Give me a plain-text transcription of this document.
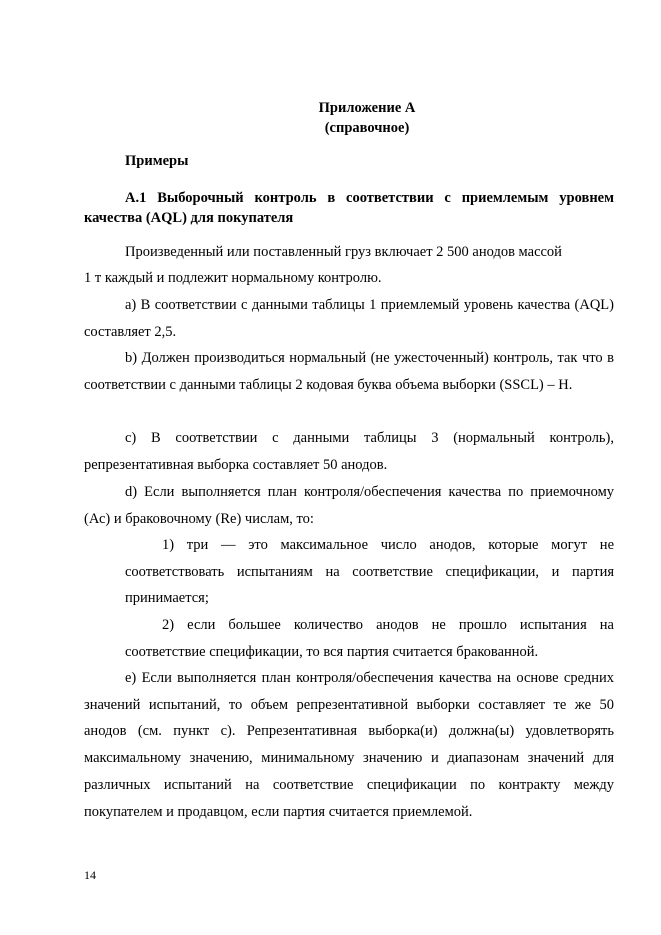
Приложение А
(справочное)
Примеры
А.1 Выборочный контроль в соответствии с приемлемым уровнем качества (AQL) для покупателя
Произведенный или поставленный груз включает 2 500 анодов массой
1 т каждый и подлежит нормальному контролю.
а) В соответствии с данными таблицы 1 приемлемый уровень качества (AQL) составляет 2,5.
b) Должен производиться нормальный (не ужесточенный) контроль, так что в соответствии с данными таблицы 2 кодовая буква объема выборки (SSCL) – Н.
с) В соответствии с данными таблицы 3 (нормальный контроль), репрезентативная выборка составляет 50 анодов.
d) Если выполняется план контроля/обеспечения качества по приемочному (Ас) и браковочному (Re) числам, то:
1) три — это максимальное число анодов, которые могут не соответствовать испытаниям на соответствие спецификации, и партия принимается;
2) если большее количество анодов не прошло испытания на соответствие спецификации, то вся партия считается бракованной.
е) Если выполняется план контроля/обеспечения качества на основе средних значений испытаний, то объем репрезентативной выборки составляет те же 50 анодов (см. пункт с). Репрезентативная выборка(и) должна(ы) удовлетворять максимальному значению, минимальному значению и диапазонам значений для различных испытаний на соответствие спецификации по контракту между покупателем и продавцом, если партия считается приемлемой.
14
